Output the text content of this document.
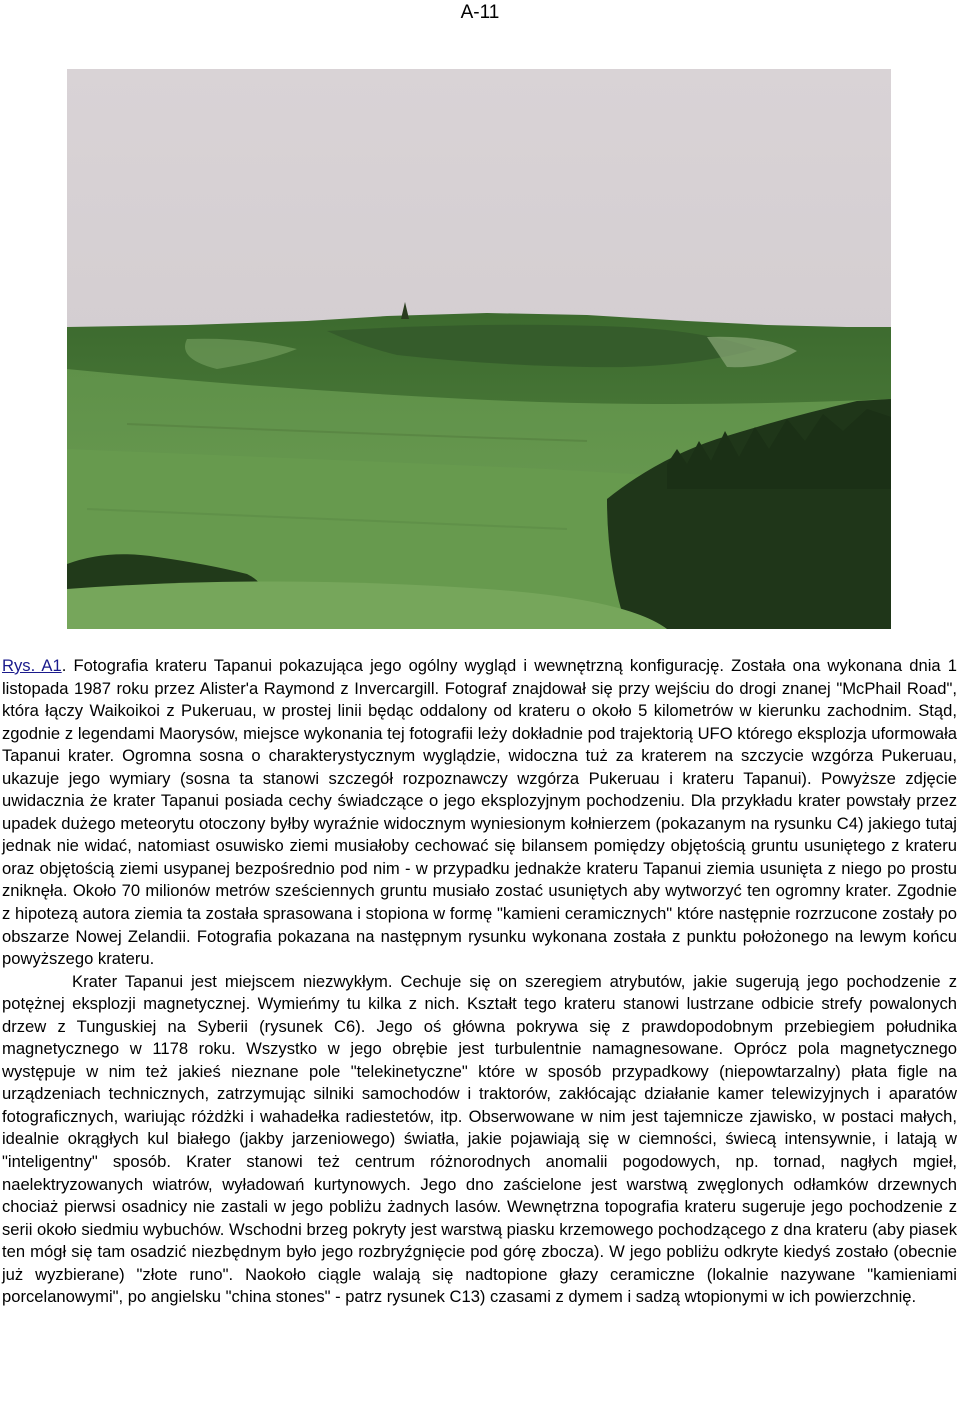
A-11

Rys. A1. Fotografia krateru Tapanui pokazująca jego ogólny wygląd i wewnętrzną konfigurację. Została ona wykonana dnia 1 listopada 1987 roku przez Alister'a Raymond z Invercargill. Fotograf znajdował się przy wejściu do drogi znanej "McPhail Road", która łączy Waikoikoi z Pukeruau, w prostej linii będąc oddalony od krateru o około 5 kilometrów w kierunku zachodnim. Stąd, zgodnie z legendami Maorysów, miejsce wykonania tej fotografii leży dokładnie pod trajektorią UFO którego eksplozja uformowała Tapanui krater. Ogromna sosna o charakterystycznym wyglądzie, widoczna tuż za kraterem na szczycie wzgórza Pukeruau, ukazuje jego wymiary (sosna ta stanowi szczegół rozpoznawczy wzgórza Pukeruau i krateru Tapanui). Powyższe zdjęcie uwidacznia że krater Tapanui posiada cechy świadczące o jego eksplozyjnym pochodzeniu. Dla przykładu krater powstały przez upadek dużego meteorytu otoczony byłby wyraźnie widocznym wyniesionym kołnierzem (pokazanym na rysunku C4) jakiego tutaj jednak nie widać, natomiast osuwisko ziemi musiałoby cechować się bilansem pomiędzy objętością gruntu usuniętego z krateru oraz objętością ziemi usypanej bezpośrednio pod nim - w przypadku jednakże krateru Tapanui ziemia usunięta z niego po prostu zniknęła. Około 70 milionów metrów sześciennych gruntu musiało zostać usuniętych aby wytworzyć ten ogromny krater. Zgodnie z hipotezą autora ziemia ta została sprasowana i stopiona w formę "kamieni ceramicznych" które następnie rozrzucone zostały po obszarze Nowej Zelandii. Fotografia pokazana na następnym rysunku wykonana została z punktu położonego na lewym końcu powyższego krateru.

Krater Tapanui jest miejscem niezwykłym. Cechuje się on szeregiem atrybutów, jakie sugerują jego pochodzenie z potężnej eksplozji magnetycznej. Wymieńmy tu kilka z nich. Kształt tego krateru stanowi lustrzane odbicie strefy powalonych drzew z Tunguskiej na Syberii (rysunek C6). Jego oś główna pokrywa się z prawdopodobnym przebiegiem południka magnetycznego w 1178 roku. Wszystko w jego obrębie jest turbulentnie namagnesowane. Oprócz pola magnetycznego występuje w nim też jakieś nieznane pole "telekinetyczne" które w sposób przypadkowy (niepowtarzalny) płata figle na urządzeniach technicznych, zatrzymując silniki samochodów i traktorów, zakłócając działanie kamer telewizyjnych i aparatów fotograficznych, wariując różdżki i wahadełka radiestetów, itp. Obserwowane w nim jest tajemnicze zjawisko, w postaci małych, idealnie okrągłych kul białego (jakby jarzeniowego) światła, jakie pojawiają się w ciemności, świecą intensywnie, i latają w "inteligentny" sposób. Krater stanowi też centrum różnorodnych anomalii pogodowych, np. tornad, nagłych mgieł, naelektryzowanych wiatrów, wyładowań kurtynowych. Jego dno zaścielone jest warstwą zwęglonych odłamków drzewnych chociaż pierwsi osadnicy nie zastali w jego pobliżu żadnych lasów. Wewnętrzna topografia krateru sugeruje jego pochodzenie z serii około siedmiu wybuchów. Wschodni brzeg pokryty jest warstwą piasku krzemowego pochodzącego z dna krateru (aby piasek ten mógł się tam osadzić niezbędnym było jego rozbryźgnięcie pod górę zbocza). W jego pobliżu odkryte kiedyś zostało (obecnie już wyzbierane) "złote runo". Naokoło ciągle walają się nadtopione głazy ceramiczne (lokalnie nazywane "kamieniami porcelanowymi", po angielsku "china stones" - patrz rysunek C13) czasami z dymem i sadzą wtopionymi w ich powierzchnię.
